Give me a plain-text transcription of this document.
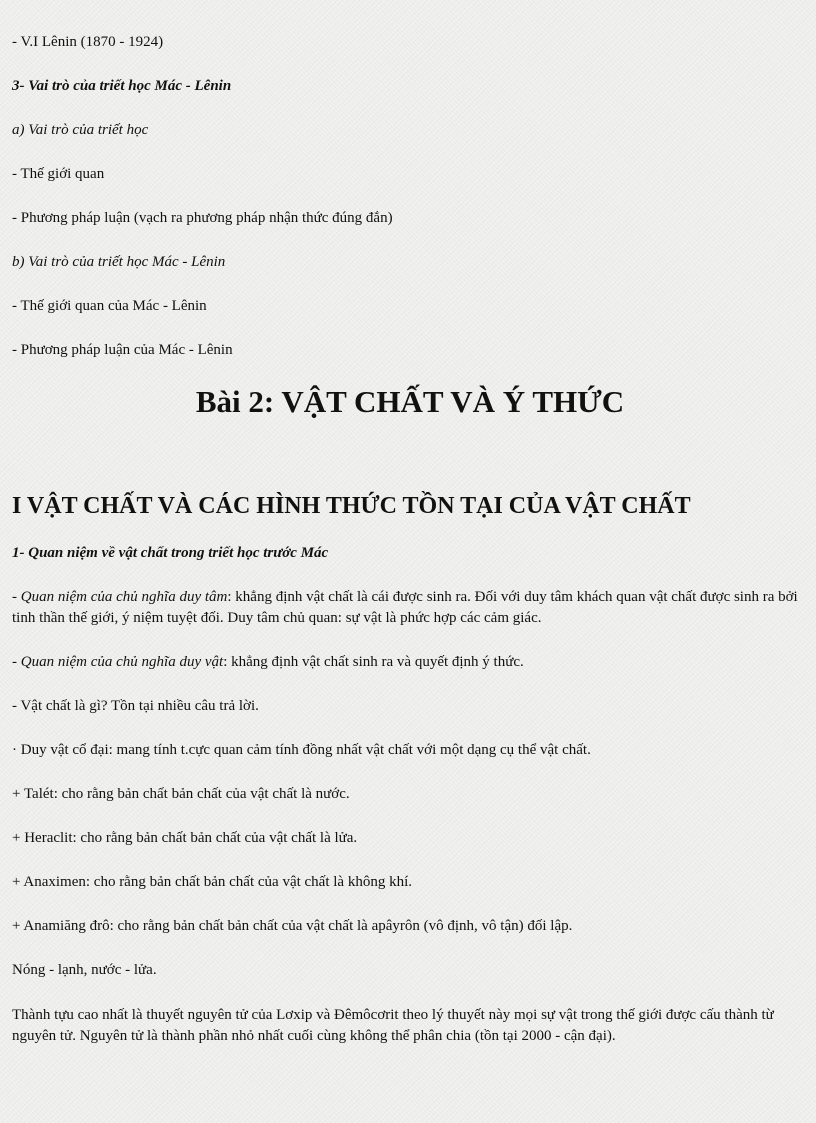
- V.I Lênin (1870 - 1924)

3- Vai trò của triết học Mác - Lênin

a) Vai trò của triết học

- Thế giới quan

- Phương pháp luận (vạch ra phương pháp nhận thức đúng đắn)

b) Vai trò của triết học Mác - Lênin

- Thế giới quan của Mác - Lênin

- Phương pháp luận của Mác - Lênin

Bài 2: VẬT CHẤT VÀ Ý THỨC
I VẬT CHẤT VÀ CÁC HÌNH THỨC TỒN TẠI CỦA VẬT CHẤT

1- Quan niệm về vật chất trong triết học trước Mác

- Quan niệm của chủ nghĩa duy tâm: khẳng định vật chất là cái được sinh ra. Đối với duy tâm khách quan vật chất được sinh ra bởi tinh thần thế giới, ý niệm tuyệt đối. Duy tâm chủ quan: sự vật là phức hợp các cảm giác.

- Quan niệm của chủ nghĩa duy vật: khẳng định vật chất sinh ra và quyết định ý thức.

- Vật chất là gì? Tồn tại nhiều câu trả lời.

· Duy vật cổ đại: mang tính t.cực quan cảm tính đồng nhất vật chất với một dạng cụ thể vật chất.

+ Talét: cho rằng bản chất bản chất của vật chất là nước.

+ Heraclit: cho rằng bản chất bản chất của vật chất là lửa.

+ Anaximen: cho rằng bản chất bản chất của vật chất là không khí.

+ Anamiăng đrô: cho rằng bản chất bản chất của vật chất là apâyrôn (vô định, vô tận) đối lập.

Nóng - lạnh, nước - lửa.

Thành tựu cao nhất là thuyết nguyên tử của Lơxip và Đêmôcơrit theo lý thuyết này mọi sự vật trong thế giới được cấu thành từ nguyên tử. Nguyên tử là thành phần nhỏ nhất cuối cùng không thể phân chia (tồn tại 2000 - cận đại).
